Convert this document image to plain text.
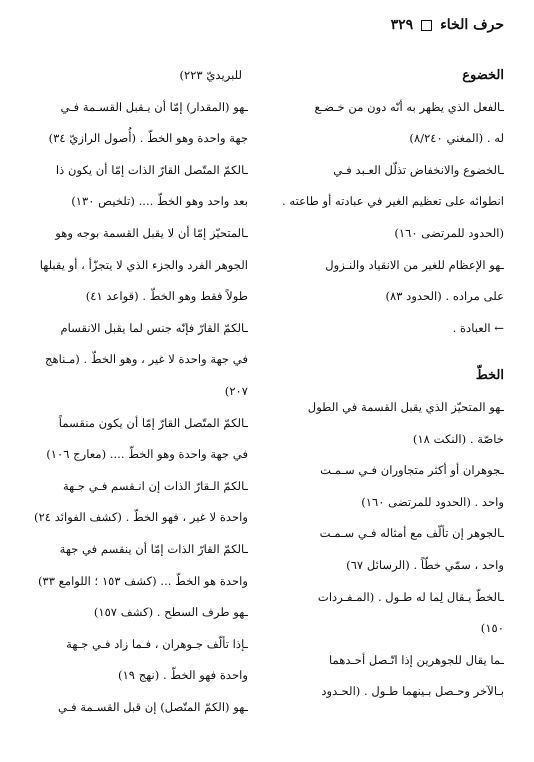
حرف الخاء
٣٢٩
الخضوع
ـالفعل الذي يظهر به أنّه دون من خـضـع
له . (المغني ٨/٢٤٠)
ـالخضوع والانخفاض تذلّل العـبد فـي
انطوائه على تعظيم الغير في عبادته أو طاعته .
(الحدود للمرتضى ١٦٠)
ـهو الإعظام للغير من الانقياد والنـزول
على مراده . (الحدود ٨٣)
← العبادة .
الخطّ
ـهو المتحيّز الذي يقبل القسمة في الطول
خاصّة . (النكت ١٨)
ـجوهران أو أكثر متجاوران فـي سـمـت
واحد . (الحدود للمرتضى ١٦٠)
ـالجوهر إن تألّف مع أمثاله فـي سـمـت
واحد ، سمّي خطّاً . (الرسائل ٦٧)
ـالخطّ يـقال لِما له طـول . (المـفـردات
١٥٠)
ـما يقال للجوهرين إذا اتّـصل أحـدهما
بـالآخر وحـصل بـينهما طـول . (الحـدود
للبريديّ ٢٢٣)
ـهو (المقدار) إمّا أن يـقبل القسـمة فـي
جهة واحدة وهو الخطّ . (أُصول الرازيّ ٣٤)
ـالكمّ المتّصل القارّ الذات إمّا أن يكون ذا
بعد واحد وهو الخطّ .... (تلخيص ١٣٠)
ـالمتحيّز إمّا أن لا يقبل القسمة بوجه وهو
الجوهر الفرد والجزء الذي لا يتجزّأ ، أو يقبلها
طولاً فقط وهو الخطّ . (قواعد ٤١)
ـالكمّ القارّ فإنّه جنس لما يقبل الانقسام
في جهة واحدة لا غير ، وهو الخطّ . (مـناهج
٢٠٧)
ـالكمّ المتّصل القارّ إمّا أن يكون منقسماً
في جهة واحدة وهو الخطّ .... (معارج ١٠٦)
ـالكمّ الـقارّ الذات إن انـقسم فـي جـهة
واحدة لا غير ، فهو الخطّ . (كشف الفوائد ٢٤)
ـالكمّ القارّ الذات إمّا أن ينقسم في جهة
واحدة هو الخطّ ... (كشف ١٥٣ ؛ اللوامع ٣٣)
ـهو طرف السطح . (كشف ١٥٧)
ـإذا تألّف جـوهران ، فـما زاد فـي جـهة
واحدة فهو الخطّ . (نهج ١٩)
ـهو (الكمّ المتّصل) إن قبل القسـمة فـي
